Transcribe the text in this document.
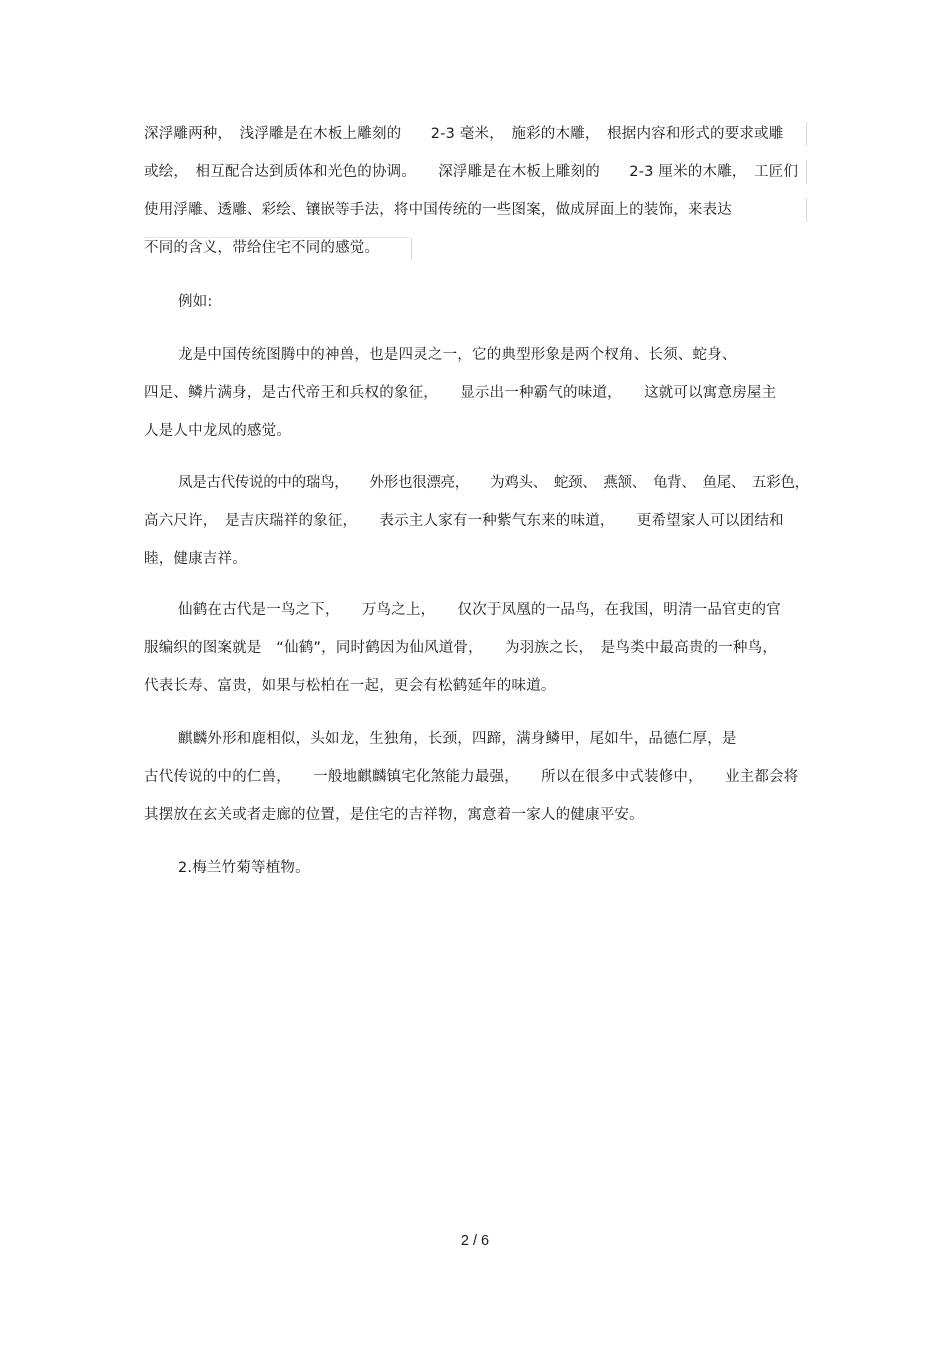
深浮雕两种，　浅浮雕是在木板上雕刻的　　2-3 毫米，　施彩的木雕，　根据内容和形式的要求或雕
或绘，　相互配合达到质体和光色的协调。　　深浮雕是在木板上雕刻的　　2-3 厘米的木雕，　工匠们
使用浮雕、透雕、彩绘、镶嵌等手法，将中国传统的一些图案，做成屏面上的装饰，来表达
不同的含义，带给住宅不同的感觉。
例如:
龙是中国传统图腾中的神兽，也是四灵之一，它的典型形象是两个杈角、长须、蛇身、
四足、鳞片满身，是古代帝王和兵权的象征，　　显示出一种霸气的味道，　　这就可以寓意房屋主
人是人中龙凤的感觉。
凤是古代传说的中的瑞鸟，　　外形也很漂亮，　　为鸡头、　蛇颈、　燕颔、　龟背、　鱼尾、　五彩色，
高六尺许，　是吉庆瑞祥的象征，　　表示主人家有一种紫气东来的味道，　　更希望家人可以团结和
睦，健康吉祥。
仙鹤在古代是一鸟之下，　　万鸟之上，　　仅次于凤凰的一品鸟，在我国，明清一品官吏的官
服编织的图案就是　“仙鹤”，同时鹤因为仙风道骨，　　为羽族之长，　是鸟类中最高贵的一种鸟，
代表长寿、富贵，如果与松柏在一起，更会有松鹤延年的味道。
麒麟外形和鹿相似，头如龙，生独角，长颈，四蹄，满身鳞甲，尾如牛，品德仁厚，是
古代传说的中的仁兽，　　一般地麒麟镇宅化煞能力最强，　　所以在很多中式装修中，　　业主都会将
其摆放在玄关或者走廊的位置，是住宅的吉祥物，寓意着一家人的健康平安。
2.梅兰竹菊等植物。
2 / 6
